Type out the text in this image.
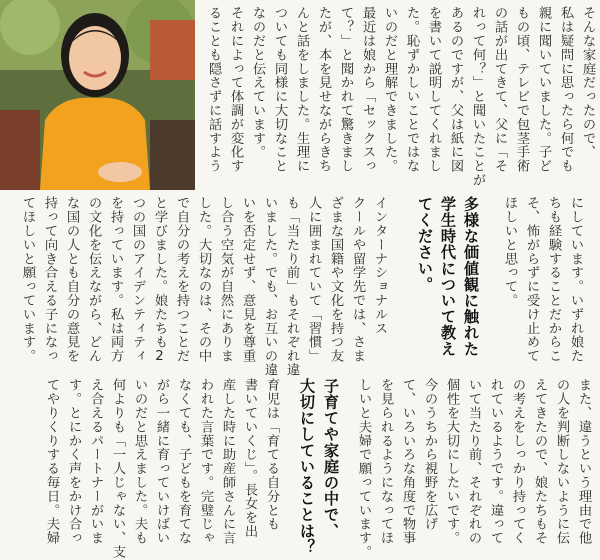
そんな家庭だったので、
私は疑問に思ったら何でも
親に聞いていました。子ど
もの頃、テレビで包茎手術
の話が出てきて、父に「そ
れって何？」と聞いたことが
あるのですが、父は紙に図
を書いて説明してくれまし
た。恥ずかしいことではな
いのだと理解できました。
最近は娘から「セックスっ
て？」と聞かれて驚きまし
たが、本を見せながらきち
んと話をしました。生理に
ついても同様に大切なこと
なのだと伝えています。
それによって体調が変化す
ることも隠さずに話すよう
にしています。いずれ娘た
ちも経験することだからこ
そ、怖がらずに受け止めて
ほしいと思って。
多様な価値観に触れた
学生時代について教え
てください。
インターナショナルス
クールや留学先では、さま
ざまな国籍や文化を持つ友
人に囲まれていて「習慣」
も「当たり前」もそれぞれ違
いました。でも、お互いの違
いを否定せず、意見を尊重
し合う空気が自然にありま
した。大切なのは、その中
で自分の考えを持つことだ
と学びました。娘たちも2
つの国のアイデンティティ
を持っています。私は両方
の文化を伝えながら、どん
な国の人とも自分の意見を
持って向き合える子になっ
てほしいと願っています。
また、違うという理由で他
の人を判断しないように伝
えてきたので、娘たちもそ
の考えをしっかり持ってく
れているようです。違って
いて当たり前、それぞれの
個性を大切にしたいです。
今のうちから視野を広げ
て、いろいろな角度で物事
を見られるようになってほ
しいと夫婦で願っています。
子育てや家庭の中で、
大切にしていることは？
育児は「育てる自分とも
書いていくじ」。長女を出
産した時に助産師さんに言
われた言葉です。完璧じゃ
なくても、子どもを育てな
がら一緒に育っていけばい
いのだと思えました。夫も
何よりも「一人じゃない、支
え合えるパートナーがいま
す。とにかく声をかけ合っ
てやりくりする毎日。夫婦
